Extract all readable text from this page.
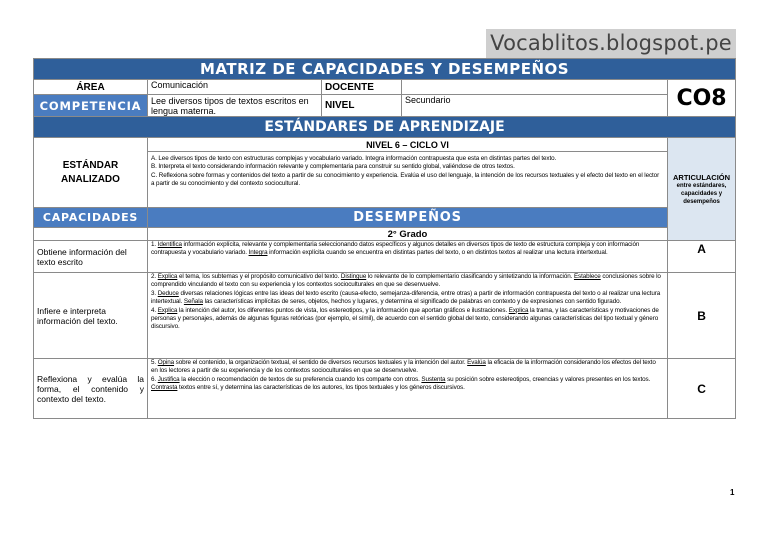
Vocablitos.blogspot.pe
MATRIZ DE CAPACIDADES Y DESEMPEÑOS				
ÁREA	Comunicación	DOCENTE		CO8
COMPETENCIA	Lee diversos tipos de textos escritos en lengua materna.	NIVEL	Secundario	
ESTÁNDARES DE APRENDIZAJE				
ESTÁNDAR ANALIZADO	NIVEL 6 – CICLO VI			ARTICULACIÓN
entre estándares, capacidades y desempeños

	A. Lee diversos tipos de texto con estructuras complejas y vocabulario variado. Integra información contrapuesta que esta en distintas partes del texto.
B. Interpreta el texto considerando información relevante y complementaria para construir su sentido global, valiéndose de otros textos.
C. Reflexiona sobre formas y contenidos del texto a partir de su conocimiento y experiencia. Evalúa el uso del lenguaje, la intención de los recursos textuales y el efecto del texto en el lector a partir de su conocimiento y del contexto sociocultural.			

CAPACIDADES	DESEMPEÑOS			
	2° Grado			
Obtiene información del texto escrito	1. Identifica información explícita, relevante y complementaria seleccionando datos específicos y algunos detalles en diversos tipos de texto de estructura compleja y con información contrapuesta y vocabulario variado. Integra información explícita cuando se encuentra en distintas partes del texto, o en distintos textos al realizar una lectura intertextual.			A
Infiere e interpreta información del texto.	2. Explica el tema, los subtemas y el propósito comunicativo del texto. Distingue lo relevante de lo complementario clasificando y sintetizando la información. Establece conclusiones sobre lo comprendido vinculando el texto con su experiencia y los contextos socioculturales en que se desenvuelve.
3. Deduce diversas relaciones lógicas entre las ideas del texto escrito (causa-efecto, semejanza-diferencia, entre otras) a partir de información contrapuesta del texto o al realizar una lectura intertextual. Señala las características implícitas de seres, objetos, hechos y lugares, y determina el significado de palabras en contexto y de expresiones con sentido figurado.
4. Explica la intención del autor, los diferentes puntos de vista, los estereotipos, y la información que aportan gráficos e ilustraciones. Explica la trama, y las características y motivaciones de personas y personajes, además de algunas figuras retóricas (por ejemplo, el símil), de acuerdo con el sentido global del texto, considerando algunas características del tipo textual y género discursivo.			B
Reflexiona y evalúa la forma, el contenido y contexto del texto.	5. Opina sobre el contenido, la organización textual, el sentido de diversos recursos textuales y la intención del autor. Evalúa la eficacia de la información considerando los efectos del texto en los lectores a partir de su experiencia y de los contextos socioculturales en que se desenvuelve.
6. Justifica la elección o recomendación de textos de su preferencia cuando los comparte con otros. Sustenta su posición sobre estereotipos, creencias y valores presentes en los textos. Contrasta textos entre sí, y determina las características de los autores, los tipos textuales y los géneros discursivos.			C
1
